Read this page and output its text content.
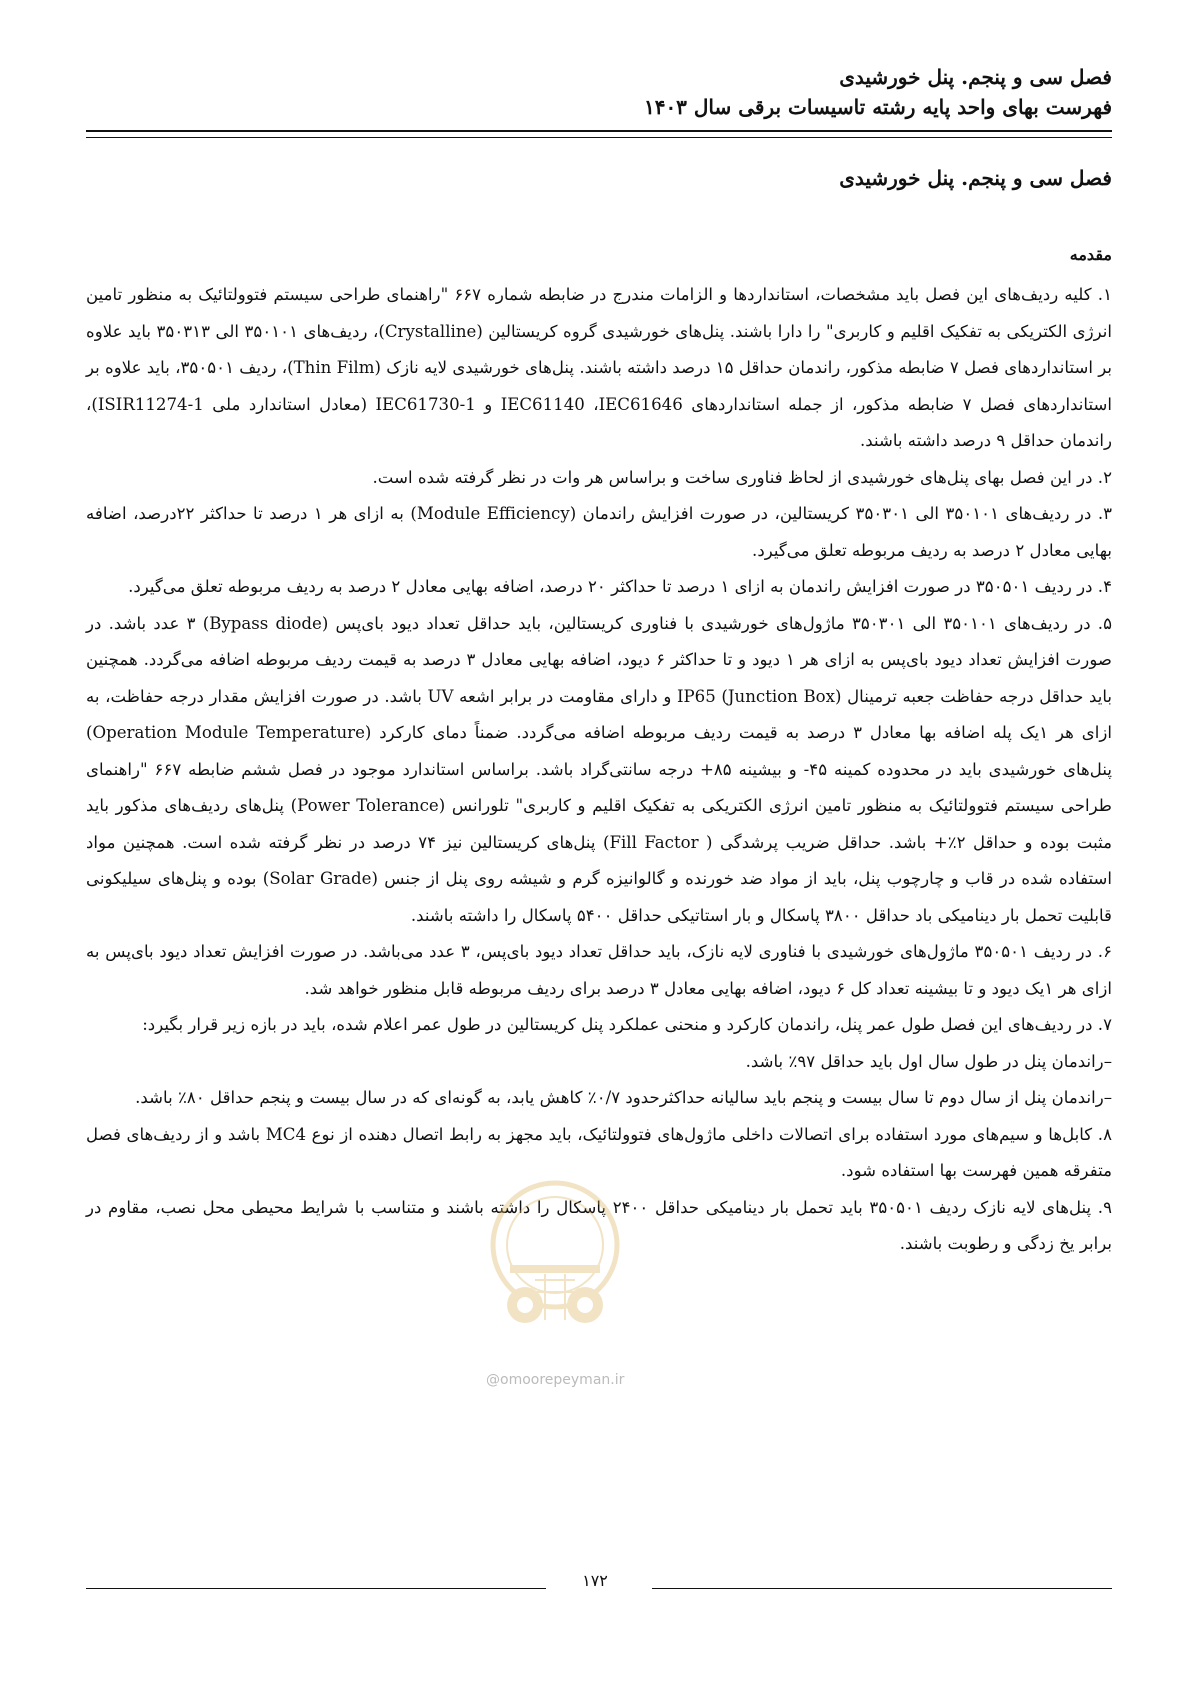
فصل سی و پنجم. پنل خورشیدی
فهرست بهای واحد پایه رشته تاسیسات برقی سال ۱۴۰۳
فصل سی و پنجم. پنل خورشیدی
مقدمه

۱. کلیه ردیف‌های این فصل باید مشخصات، استانداردها و الزامات مندرج در ضابطه شماره ۶۶۷ "راهنمای طراحی سیستم فتوولتائیک به منظور تامین انرژی الکتریکی به تفکیک اقلیم و کاربری" را دارا باشند. پنل‌های خورشیدی گروه کریستالین (Crystalline)، ردیف‌های ۳۵۰۱۰۱ الی ۳۵۰۳۱۳ باید علاوه بر استانداردهای فصل ۷ ضابطه مذکور، راندمان حداقل ۱۵ درصد داشته باشند. پنل‌های خورشیدی لایه نازک (Thin Film)، ردیف ۳۵۰۵۰۱، باید علاوه بر استانداردهای فصل ۷ ضابطه مذکور، از جمله استانداردهای IEC61140 ،IEC61646 و IEC61730-1 (معادل استاندارد ملی ISIR11274-1)، راندمان حداقل ۹ درصد داشته باشند.

۲. در این فصل بهای پنل‌های خورشیدی از لحاظ فناوری ساخت و براساس هر وات در نظر گرفته شده است.

۳. در ردیف‌های ۳۵۰۱۰۱ الی ۳۵۰۳۰۱ کریستالین، در صورت افزایش راندمان (Module Efficiency) به ازای هر ۱ درصد تا حداکثر ۲۲درصد، اضافه بهایی معادل ۲ درصد به ردیف مربوطه تعلق می‌گیرد.

۴. در ردیف ۳۵۰۵۰۱ در صورت افزایش راندمان به ازای ۱ درصد تا حداکثر ۲۰ درصد، اضافه بهایی معادل ۲ درصد به ردیف مربوطه تعلق می‌گیرد.

۵. در ردیف‌های ۳۵۰۱۰۱ الی ۳۵۰۳۰۱ ماژول‌های خورشیدی با فناوری کریستالین، باید حداقل تعداد دیود بای‌پس (Bypass diode) ۳ عدد باشد. در صورت افزایش تعداد دیود بای‌پس به ازای هر ۱ دیود و تا حداکثر ۶ دیود، اضافه بهایی معادل ۳ درصد به قیمت ردیف مربوطه اضافه می‌گردد. همچنین باید حداقل درجه حفاظت جعبه ترمینال (Junction Box) IP65 و دارای مقاومت در برابر اشعه UV باشد. در صورت افزایش مقدار درجه حفاظت، به ازای هر ۱یک پله اضافه بها معادل ۳ درصد به قیمت ردیف مربوطه اضافه می‌گردد. ضمناً دمای کارکرد (Operation Module Temperature) پنل‌های خورشیدی باید در محدوده کمینه ۴۵- و بیشینه ۸۵+ درجه سانتی‌گراد باشد. براساس استاندارد موجود در فصل ششم ضابطه ۶۶۷ "راهنمای طراحی سیستم فتوولتائیک به منظور تامین انرژی الکتریکی به تفکیک اقلیم و کاربری" تلورانس (Power Tolerance) پنل‌های ردیف‌های مذکور باید مثبت بوده و حداقل ۲٪+ باشد. حداقل ضریب پرشدگی ( Fill Factor) پنل‌های کریستالین نیز ۷۴ درصد در نظر گرفته شده است. همچنین مواد استفاده شده در قاب و چارچوب پنل، باید از مواد ضد خورنده و گالوانیزه گرم و شیشه روی پنل از جنس (Solar Grade) بوده و پنل‌های سیلیکونی قابلیت تحمل بار دینامیکی باد حداقل ۳۸۰۰ پاسکال و بار استاتیکی حداقل ۵۴۰۰ پاسکال را داشته باشند.

۶. در ردیف ۳۵۰۵۰۱ ماژول‌های خورشیدی با فناوری لایه نازک، باید حداقل تعداد دیود بای‌پس، ۳ عدد می‌باشد. در صورت افزایش تعداد دیود بای‌پس به ازای هر ۱یک دیود و تا بیشینه تعداد کل ۶ دیود، اضافه بهایی معادل ۳ درصد برای ردیف مربوطه قابل منظور خواهد شد.

۷. در ردیف‌های این فصل طول عمر پنل، راندمان کارکرد و منحنی عملکرد پنل کریستالین در طول عمر اعلام شده، باید در بازه زیر قرار بگیرد:

–راندمان پنل در طول سال اول باید حداقل ۹۷٪ باشد.

–راندمان پنل از سال دوم تا سال بیست و پنجم باید سالیانه حداکثرحدود ۰/۷٪ کاهش یابد، به گونه‌ای که در سال بیست و پنجم حداقل ۸۰٪ باشد.

۸. کابل‌ها و سیم‌های مورد استفاده برای اتصالات داخلی ماژول‌های فتوولتائیک، باید مجهز به رابط اتصال دهنده از نوع MC4 باشد و از ردیف‌های فصل متفرقه همین فهرست بها استفاده شود.

۹. پنل‌های لایه نازک ردیف ۳۵۰۵۰۱ باید تحمل بار دینامیکی حداقل ۲۴۰۰ پاسکال را داشته باشند و متناسب با شرایط محیطی محل نصب، مقاوم در برابر یخ زدگی و رطوبت باشند.

@omoorepeyman.ir
۱۷۲
